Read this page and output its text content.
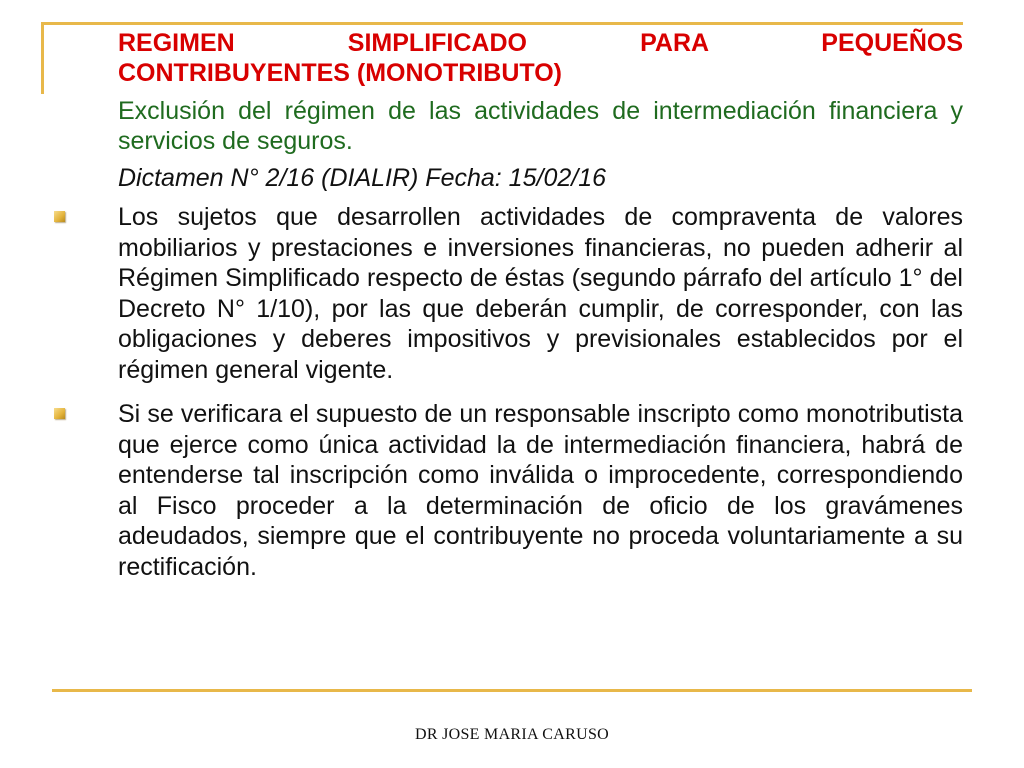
REGIMEN SIMPLIFICADO PARA PEQUEÑOS
CONTRIBUYENTES (MONOTRIBUTO)
Exclusión del régimen de las actividades de intermediación financiera y servicios de seguros.
Dictamen N° 2/16 (DIALIR) Fecha: 15/02/16
Los sujetos que desarrollen actividades de compraventa de valores mobiliarios y prestaciones e inversiones financieras, no pueden adherir al Régimen Simplificado respecto de éstas (segundo párrafo del artículo 1° del Decreto N° 1/10), por las que deberán cumplir, de corresponder, con las obligaciones y deberes impositivos y previsionales establecidos por el régimen general vigente.
Si se verificara el supuesto de un responsable inscripto como monotributista que ejerce como única actividad la de intermediación financiera, habrá de entenderse tal inscripción como inválida o improcedente, correspondiendo al Fisco proceder a la determinación de oficio de los gravámenes adeudados, siempre que el contribuyente no proceda voluntariamente a su rectificación.
DR JOSE MARIA CARUSO
